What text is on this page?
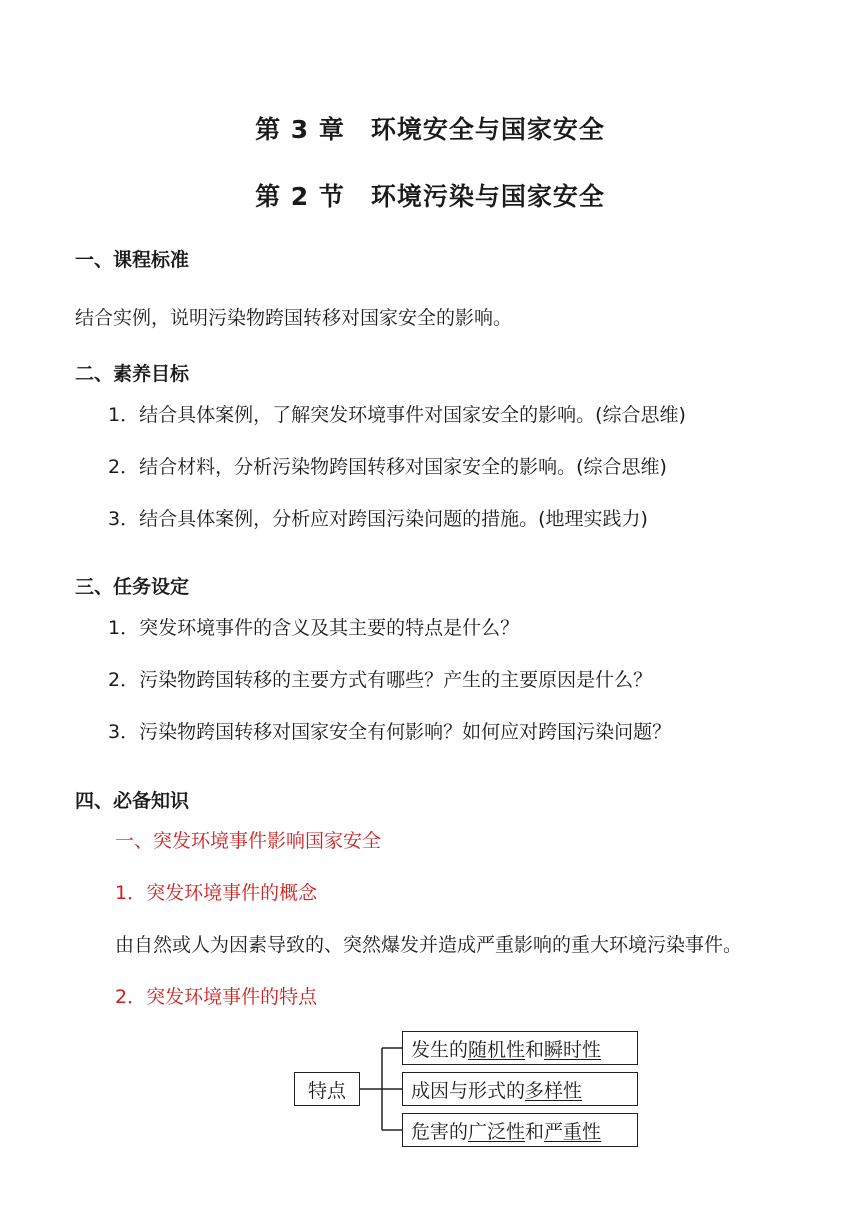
第 3 章 环境安全与国家安全
第 2 节 环境污染与国家安全
一、课程标准
结合实例，说明污染物跨国转移对国家安全的影响。
二、素养目标
1．结合具体案例，了解突发环境事件对国家安全的影响。(综合思维)
2．结合材料，分析污染物跨国转移对国家安全的影响。(综合思维)
3．结合具体案例，分析应对跨国污染问题的措施。(地理实践力)
三、任务设定
1．突发环境事件的含义及其主要的特点是什么？
2．污染物跨国转移的主要方式有哪些？产生的主要原因是什么？
3．污染物跨国转移对国家安全有何影响？如何应对跨国污染问题？
四、必备知识
一、突发环境事件影响国家安全
1．突发环境事件的概念
由自然或人为因素导致的、突然爆发并造成严重影响的重大环境污染事件。
2．突发环境事件的特点
特点
发生的 随机性 和 瞬时性
成因与形式的 多样性
危害的 广泛性 和 严重性
